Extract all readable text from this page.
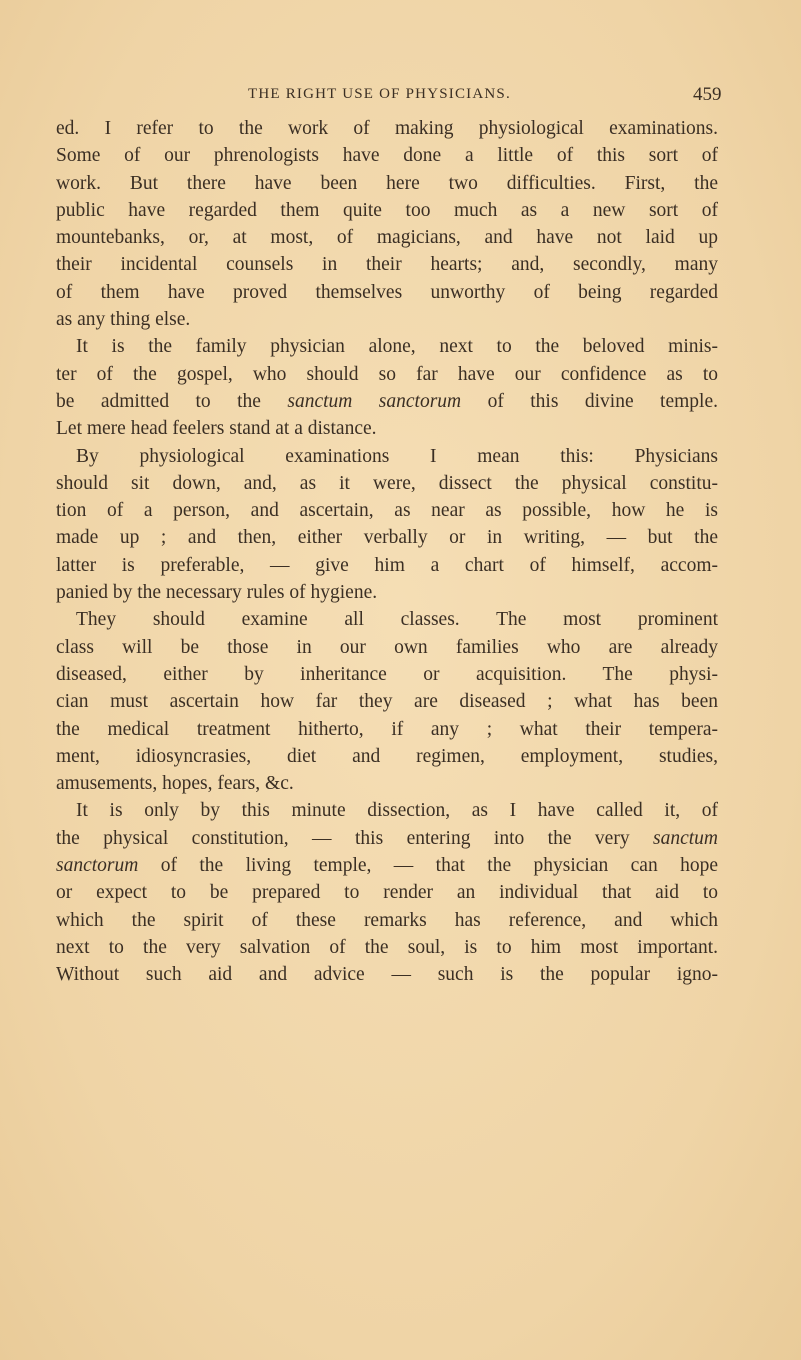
THE RIGHT USE OF PHYSICIANS.	459
ed. I refer to the work of making physiological examinations.
Some of our phrenologists have done a little of this sort of
work. But there have been here two difficulties. First, the
public have regarded them quite too much as a new sort of
mountebanks, or, at most, of magicians, and have not laid up
their incidental counsels in their hearts; and, secondly, many
of them have proved themselves unworthy of being regarded
as any thing else.
It is the family physician alone, next to the beloved minis-
ter of the gospel, who should so far have our confidence as to
be admitted to the sanctum sanctorum of this divine temple.
Let mere head feelers stand at a distance.
By physiological examinations I mean this: Physicians
should sit down, and, as it were, dissect the physical constitu-
tion of a person, and ascertain, as near as possible, how he is
made up ; and then, either verbally or in writing, — but the
latter is preferable, — give him a chart of himself, accom-
panied by the necessary rules of hygiene.
They should examine all classes. The most prominent
class will be those in our own families who are already
diseased, either by inheritance or acquisition. The physi-
cian must ascertain how far they are diseased ; what has been
the medical treatment hitherto, if any ; what their tempera-
ment, idiosyncrasies, diet and regimen, employment, studies,
amusements, hopes, fears, &c.
It is only by this minute dissection, as I have called it, of
the physical constitution, — this entering into the very sanctum
sanctorum of the living temple, — that the physician can hope
or expect to be prepared to render an individual that aid to
which the spirit of these remarks has reference, and which
next to the very salvation of the soul, is to him most important.
Without such aid and advice — such is the popular igno-
